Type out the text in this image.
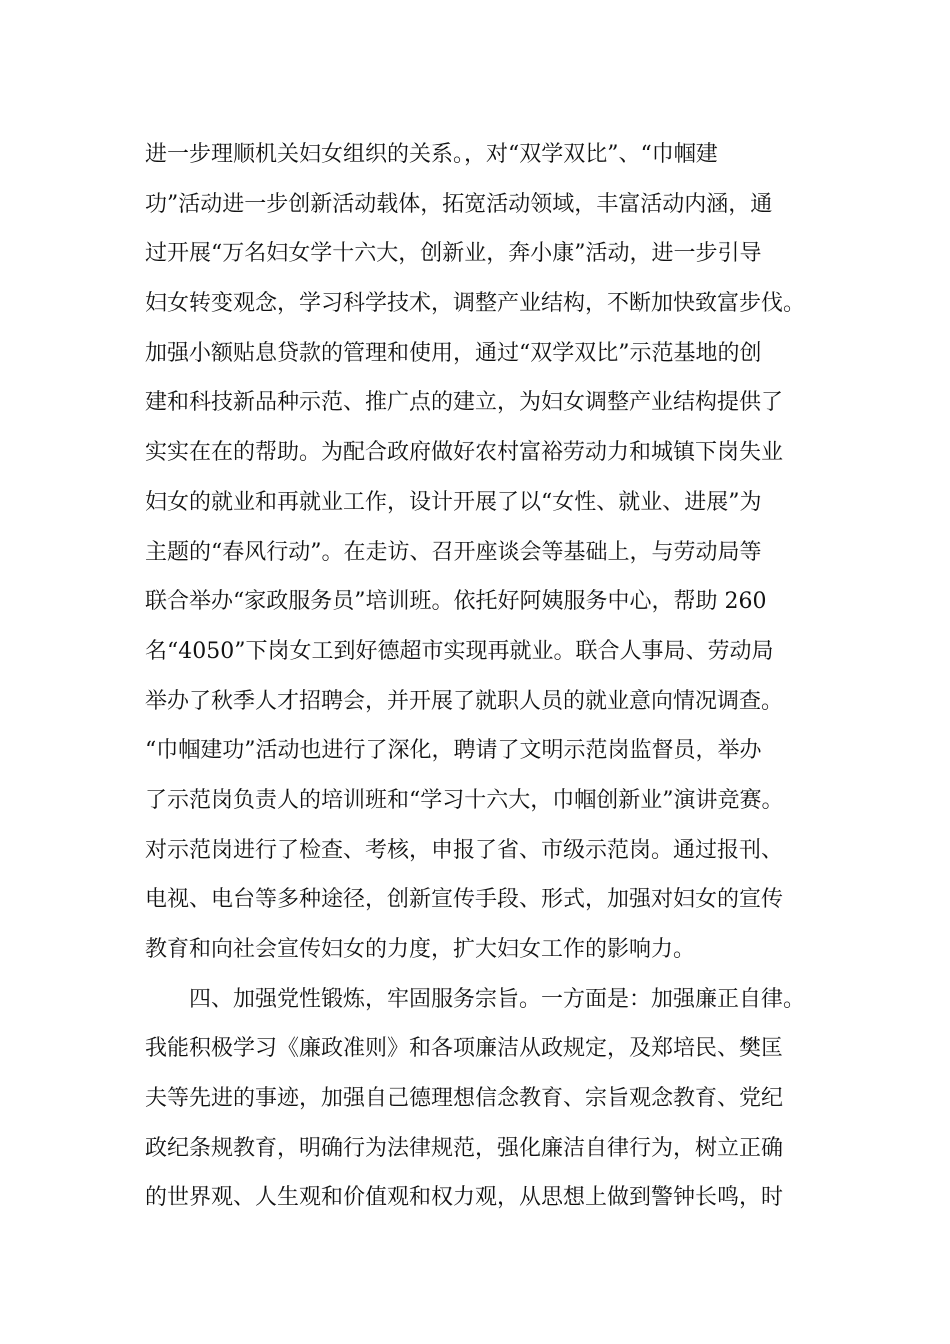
进一步理顺机关妇女组织的关系。，对“双学双比”、“巾帼建
功”活动进一步创新活动载体，拓宽活动领域，丰富活动内涵，通
过开展“万名妇女学十六大，创新业，奔小康”活动，进一步引导
妇女转变观念，学习科学技术，调整产业结构，不断加快致富步伐。
加强小额贴息贷款的管理和使用，通过“双学双比”示范基地的创
建和科技新品种示范、推广点的建立，为妇女调整产业结构提供了
实实在在的帮助。为配合政府做好农村富裕劳动力和城镇下岗失业
妇女的就业和再就业工作，设计开展了以“女性、就业、进展”为
主题的“春风行动”。在走访、召开座谈会等基础上，与劳动局等
联合举办“家政服务员”培训班。依托好阿姨服务中心，帮助 260
名“4050”下岗女工到好德超市实现再就业。联合人事局、劳动局
举办了秋季人才招聘会，并开展了就职人员的就业意向情况调查。
“巾帼建功”活动也进行了深化，聘请了文明示范岗监督员，举办
了示范岗负责人的培训班和“学习十六大，巾帼创新业”演讲竞赛。
对示范岗进行了检查、考核，申报了省、市级示范岗。通过报刊、
电视、电台等多种途径，创新宣传手段、形式，加强对妇女的宣传
教育和向社会宣传妇女的力度，扩大妇女工作的影响力。
四、加强党性锻炼，牢固服务宗旨。一方面是：加强廉正自律。
我能积极学习《廉政准则》和各项廉洁从政规定，及郑培民、樊匡
夫等先进的事迹，加强自己德理想信念教育、宗旨观念教育、党纪
政纪条规教育，明确行为法律规范，强化廉洁自律行为，树立正确
的世界观、人生观和价值观和权力观，从思想上做到警钟长鸣，时
